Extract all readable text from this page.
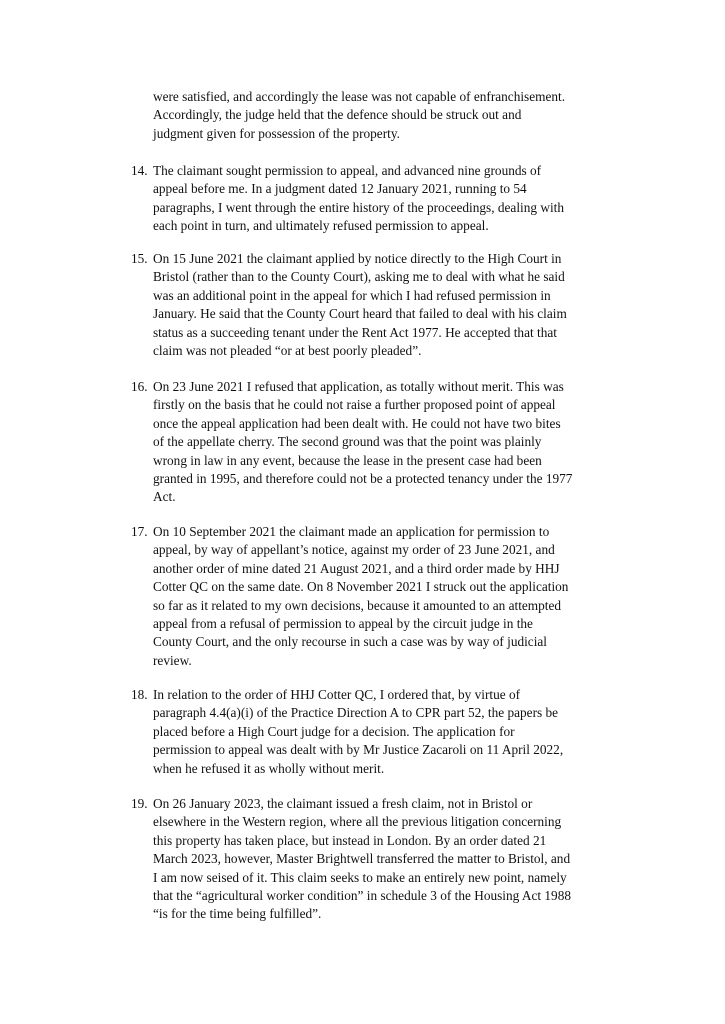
were satisfied, and accordingly the lease was not capable of enfranchisement.
Accordingly, the judge held that the defence should be struck out and
judgment given for possession of the property.
14. The claimant sought permission to appeal, and advanced nine grounds of
appeal before me. In a judgment dated 12 January 2021, running to 54
paragraphs, I went through the entire history of the proceedings, dealing with
each point in turn, and ultimately refused permission to appeal.
15. On 15 June 2021 the claimant applied by notice directly to the High Court in
Bristol (rather than to the County Court), asking me to deal with what he said
was an additional point in the appeal for which I had refused permission in
January. He said that the County Court heard that failed to deal with his claim
status as a succeeding tenant under the Rent Act 1977. He accepted that that
claim was not pleaded “or at best poorly pleaded”.
16. On 23 June 2021 I refused that application, as totally without merit. This was
firstly on the basis that he could not raise a further proposed point of appeal
once the appeal application had been dealt with. He could not have two bites
of the appellate cherry. The second ground was that the point was plainly
wrong in law in any event, because the lease in the present case had been
granted in 1995, and therefore could not be a protected tenancy under the 1977
Act.
17. On 10 September 2021 the claimant made an application for permission to
appeal, by way of appellant’s notice, against my order of 23 June 2021, and
another order of mine dated 21 August 2021, and a third order made by HHJ
Cotter QC on the same date. On 8 November 2021 I struck out the application
so far as it related to my own decisions, because it amounted to an attempted
appeal from a refusal of permission to appeal by the circuit judge in the
County Court, and the only recourse in such a case was by way of judicial
review.
18. In relation to the order of HHJ Cotter QC, I ordered that, by virtue of
paragraph 4.4(a)(i) of the Practice Direction A to CPR part 52, the papers be
placed before a High Court judge for a decision. The application for
permission to appeal was dealt with by Mr Justice Zacaroli on 11 April 2022,
when he refused it as wholly without merit.
19. On 26 January 2023, the claimant issued a fresh claim, not in Bristol or
elsewhere in the Western region, where all the previous litigation concerning
this property has taken place, but instead in London. By an order dated 21
March 2023, however, Master Brightwell transferred the matter to Bristol, and
I am now seised of it. This claim seeks to make an entirely new point, namely
that the “agricultural worker condition” in schedule 3 of the Housing Act 1988
“is for the time being fulfilled”.
